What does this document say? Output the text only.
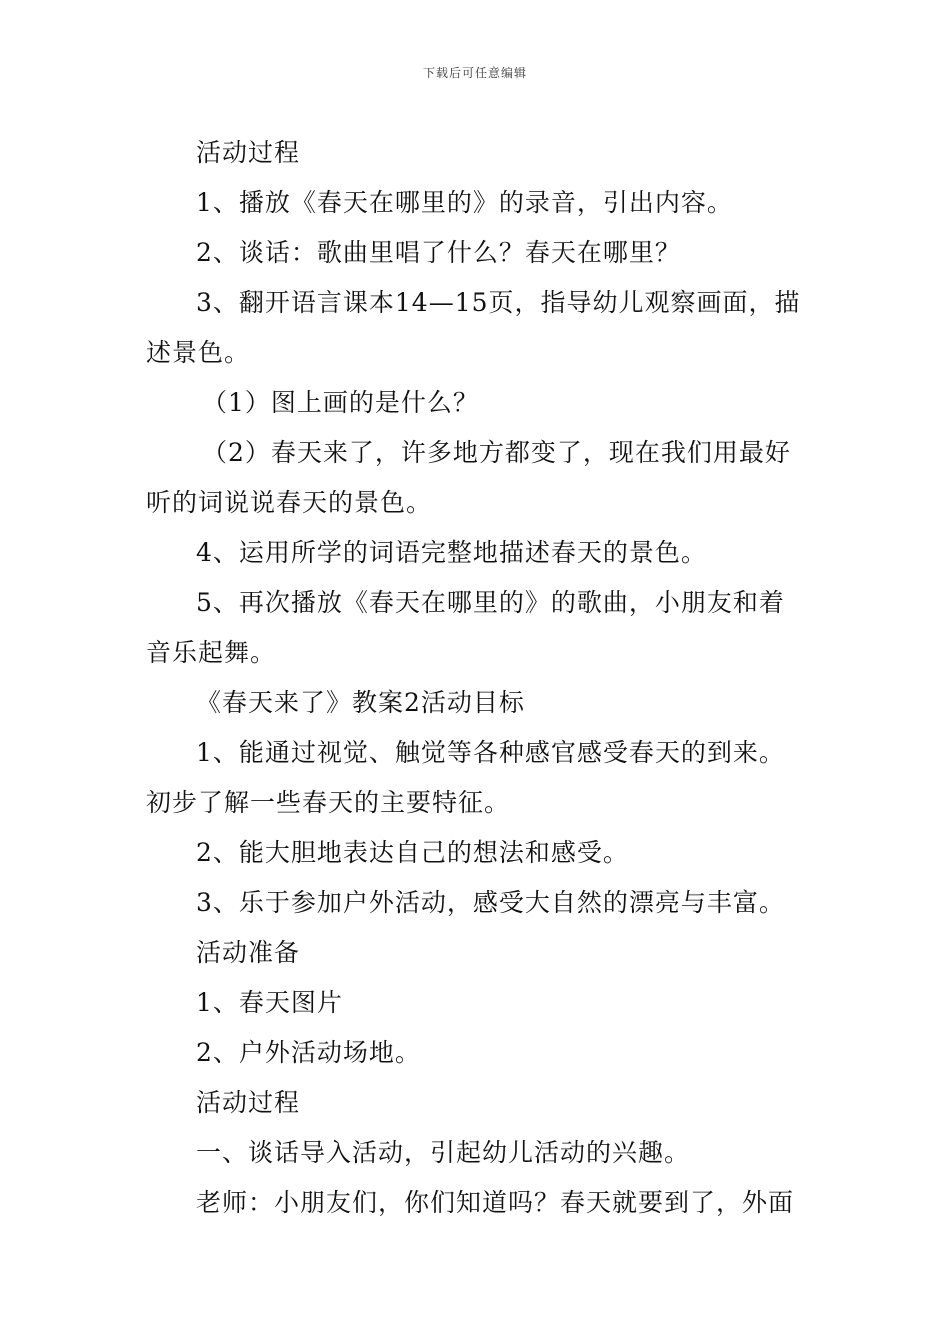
下载后可任意编辑

活动过程

1、播放《春天在哪里的》的录音，引出内容。

2、谈话：歌曲里唱了什么？春天在哪里？

3、翻开语言课本14—15页，指导幼儿观察画面，描述景色。

（1）图上画的是什么？

（2）春天来了，许多地方都变了，现在我们用最好听的词说说春天的景色。

4、运用所学的词语完整地描述春天的景色。

5、再次播放《春天在哪里的》的歌曲，小朋友和着音乐起舞。

《春天来了》教案2活动目标

1、能通过视觉、触觉等各种感官感受春天的到来。初步了解一些春天的主要特征。

2、能大胆地表达自己的想法和感受。

3、乐于参加户外活动，感受大自然的漂亮与丰富。

活动准备

1、春天图片

2、户外活动场地。

活动过程

一、谈话导入活动，引起幼儿活动的兴趣。

老师：小朋友们，你们知道吗？春天就要到了，外面
